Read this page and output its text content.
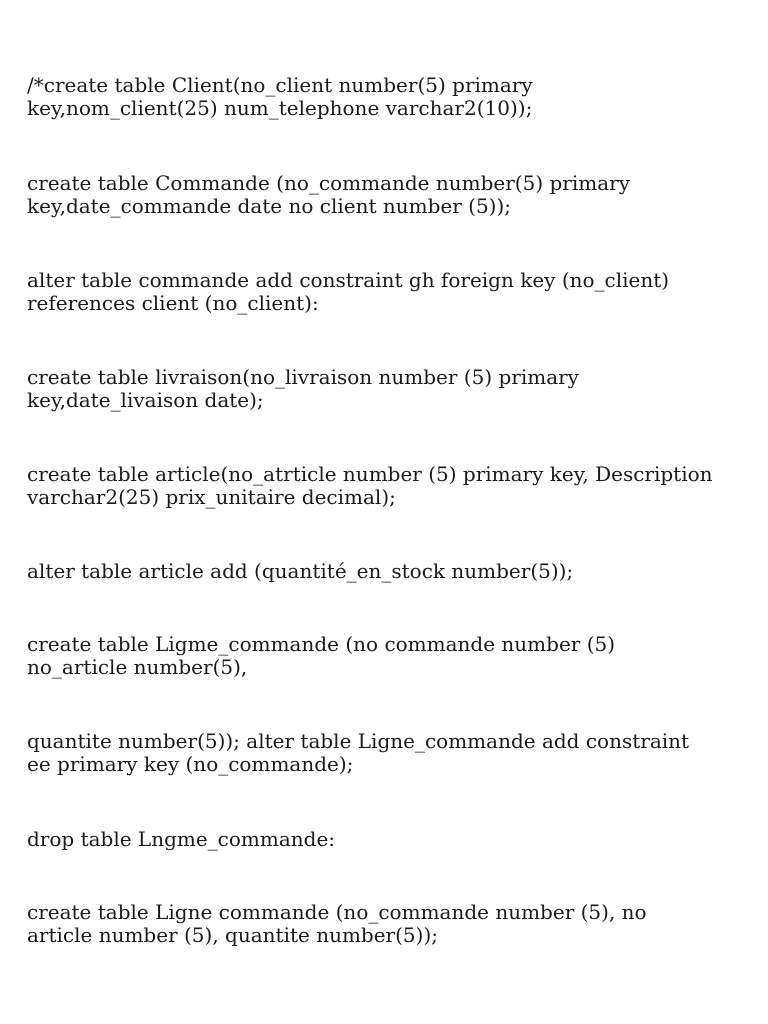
/*create table Client(no_client number(5) primary
key,nom_client(25) num_telephone varchar2(10));

create table Commande (no_commande number(5) primary
key,date_commande date no client number (5));

alter table commande add constraint gh foreign key (no_client)
references client (no_client):

create table livraison(no_livraison number (5) primary
key,date_livaison date);

create table article(no_atrticle number (5) primary key, Description
varchar2(25) prix_unitaire decimal);

alter table article add (quantité_en_stock number(5));

create table Ligme_commande (no commande number (5)
no_article number(5),

quantite number(5)); alter table Ligne_commande add constraint
ee primary key (no_commande);

drop table Lngme_commande:

create table Ligne commande (no_commande number (5), no
article number (5), quantite number(5));
